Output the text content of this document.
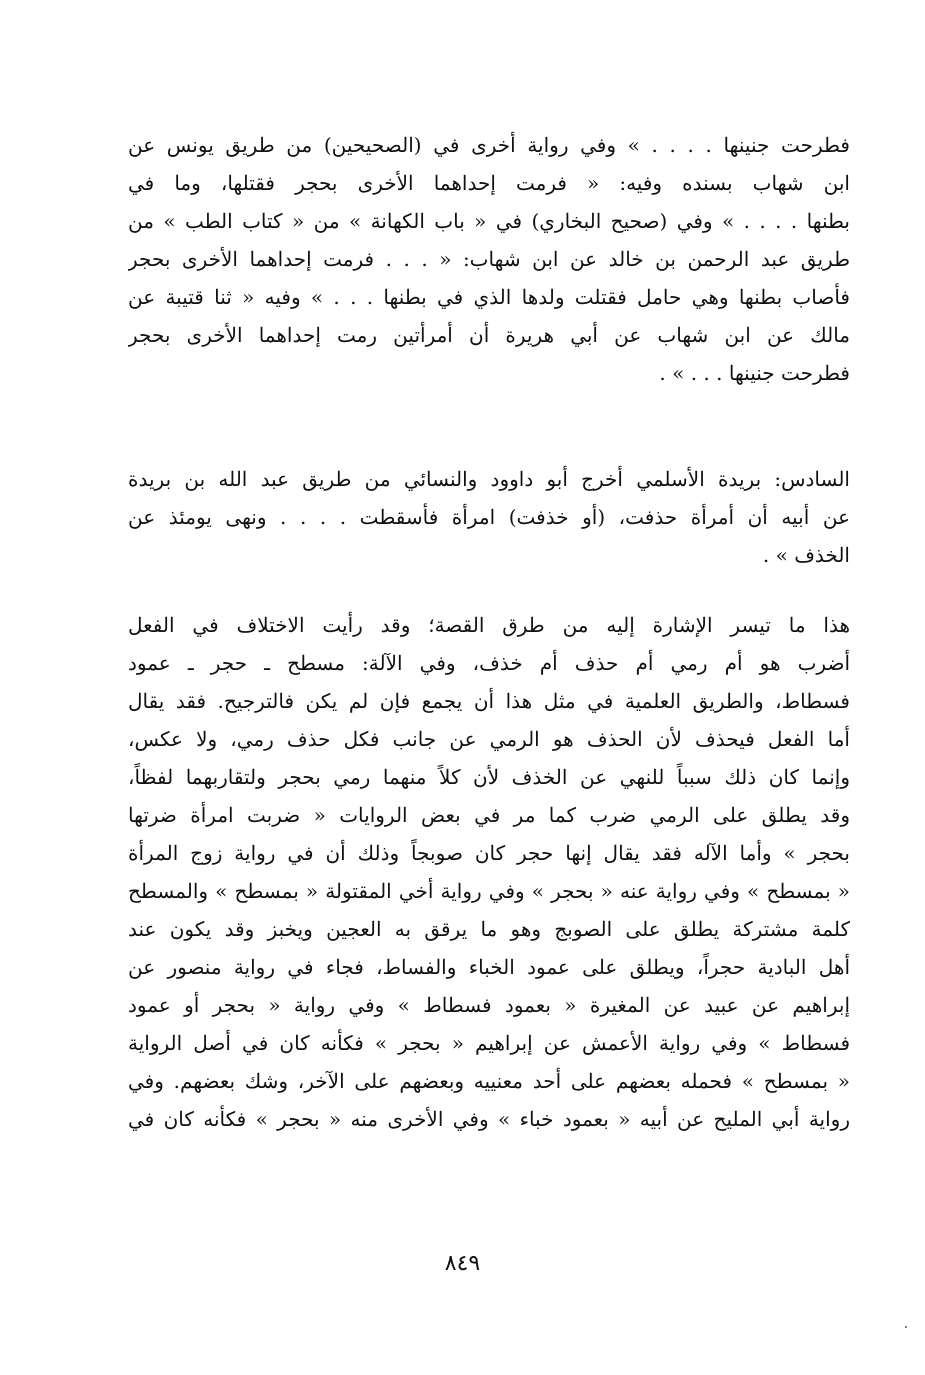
فطرحت جنينها . . . . » وفي رواية أخرى في (الصحيحين) من طريق يونس عن
ابن شهاب بسنده وفيه: « فرمت إحداهما الأخرى بحجر فقتلها، وما في
بطنها . . . . » وفي (صحيح البخاري) في « باب الكهانة » من « كتاب الطب » من
طريق عبد الرحمن بن خالد عن ابن شهاب: « . . . فرمت إحداهما الأخرى بحجر
فأصاب بطنها وهي حامل فقتلت ولدها الذي في بطنها . . . » وفيه « ثنا قتيبة عن
مالك عن ابن شهاب عن أبي هريرة أن أمرأتين رمت إحداهما الأخرى بحجر
فطرحت جنينها . . . » .
السادس: بريدة الأسلمي أخرج أبو داوود والنسائي من طريق عبد الله بن بريدة
عن أبيه أن أمرأة حذفت، (أو خذفت) امرأة فأسقطت . . . . ونهى يومئذ عن
الخذف » .
هذا ما تيسر الإشارة إليه من طرق القصة؛ وقد رأيت الاختلاف في الفعل
أضرب هو أم رمي أم حذف أم خذف، وفي الآلة: مسطح ـ حجر ـ عمود
فسطاط، والطريق العلمية في مثل هذا أن يجمع فإن لم يكن فالترجيح. فقد يقال
أما الفعل فيحذف لأن الحذف هو الرمي عن جانب فكل حذف رمي، ولا عكس،
وإنما كان ذلك سبباً للنهي عن الخذف لأن كلاً منهما رمي بحجر ولتقاربهما لفظاً،
وقد يطلق على الرمي ضرب كما مر في بعض الروايات « ضربت امرأة ضرتها
بحجر » وأما الآله فقد يقال إنها حجر كان صوبجاً وذلك أن في رواية زوج المرأة
« بمسطح » وفي رواية عنه « بحجر » وفي رواية أخي المقتولة « بمسطح » والمسطح
كلمة مشتركة يطلق على الصوبج وهو ما يرقق به العجين ويخبز وقد يكون عند
أهل البادية حجراً، ويطلق على عمود الخباء والفساط، فجاء في رواية منصور عن
إبراهيم عن عبيد عن المغيرة « بعمود فسطاط » وفي رواية « بحجر أو عمود
فسطاط » وفي رواية الأعمش عن إبراهيم « بحجر » فكأنه كان في أصل الرواية
« بمسطح » فحمله بعضهم على أحد معنييه وبعضهم على الآخر، وشك بعضهم. وفي
رواية أبي المليح عن أبيه « بعمود خباء » وفي الأخرى منه « بحجر » فكأنه كان في
٨٤٩
